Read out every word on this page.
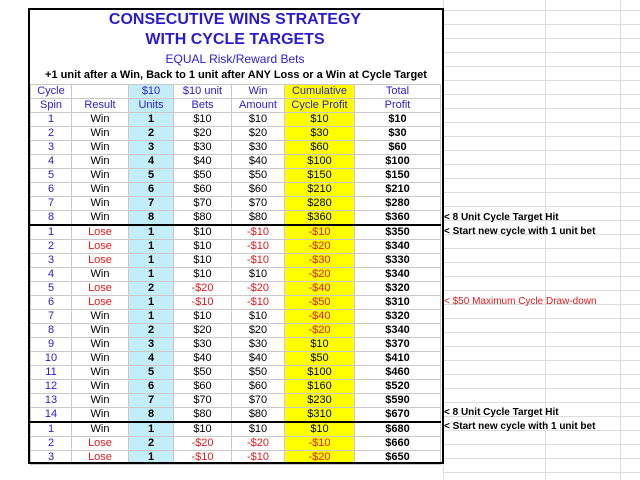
CONSECUTIVE WINS STRATEGY
WITH CYCLE TARGETS
EQUAL Risk/Reward Bets
+1 unit after a Win, Back to 1 unit after ANY Loss or a Win at Cycle Target
Cycle		$10	$10 unit	Win	Cumulative	Total
Spin	Result	Units	Bets	Amount	Cycle Profit	Profit
1	Win	1	$10	$10	$10	$10
2	Win	2	$20	$20	$30	$30
3	Win	3	$30	$30	$60	$60
4	Win	4	$40	$40	$100	$100
5	Win	5	$50	$50	$150	$150
6	Win	6	$60	$60	$210	$210
7	Win	7	$70	$70	$280	$280
8	Win	8	$80	$80	$360	$360
1	Lose	1	$10	-$10	-$10	$350
2	Lose	1	$10	-$10	-$20	$340
3	Lose	1	$10	-$10	-$30	$330
4	Win	1	$10	$10	-$20	$340
5	Lose	2	-$20	-$20	-$40	$320
6	Lose	1	-$10	-$10	-$50	$310
7	Win	1	$10	$10	-$40	$320
8	Win	2	$20	$20	-$20	$340
9	Win	3	$30	$30	$10	$370
10	Win	4	$40	$40	$50	$410
11	Win	5	$50	$50	$100	$460
12	Win	6	$60	$60	$160	$520
13	Win	7	$70	$70	$230	$590
14	Win	8	$80	$80	$310	$670
1	Win	1	$10	$10	$10	$680
2	Lose	2	-$20	-$20	-$10	$660
3	Lose	1	-$10	-$10	-$20	$650
< 8 Unit Cycle Target Hit
< Start new cycle with 1 unit bet
< $50 Maximum Cycle Draw-down
< 8 Unit Cycle Target Hit
< Start new cycle with 1 unit bet
